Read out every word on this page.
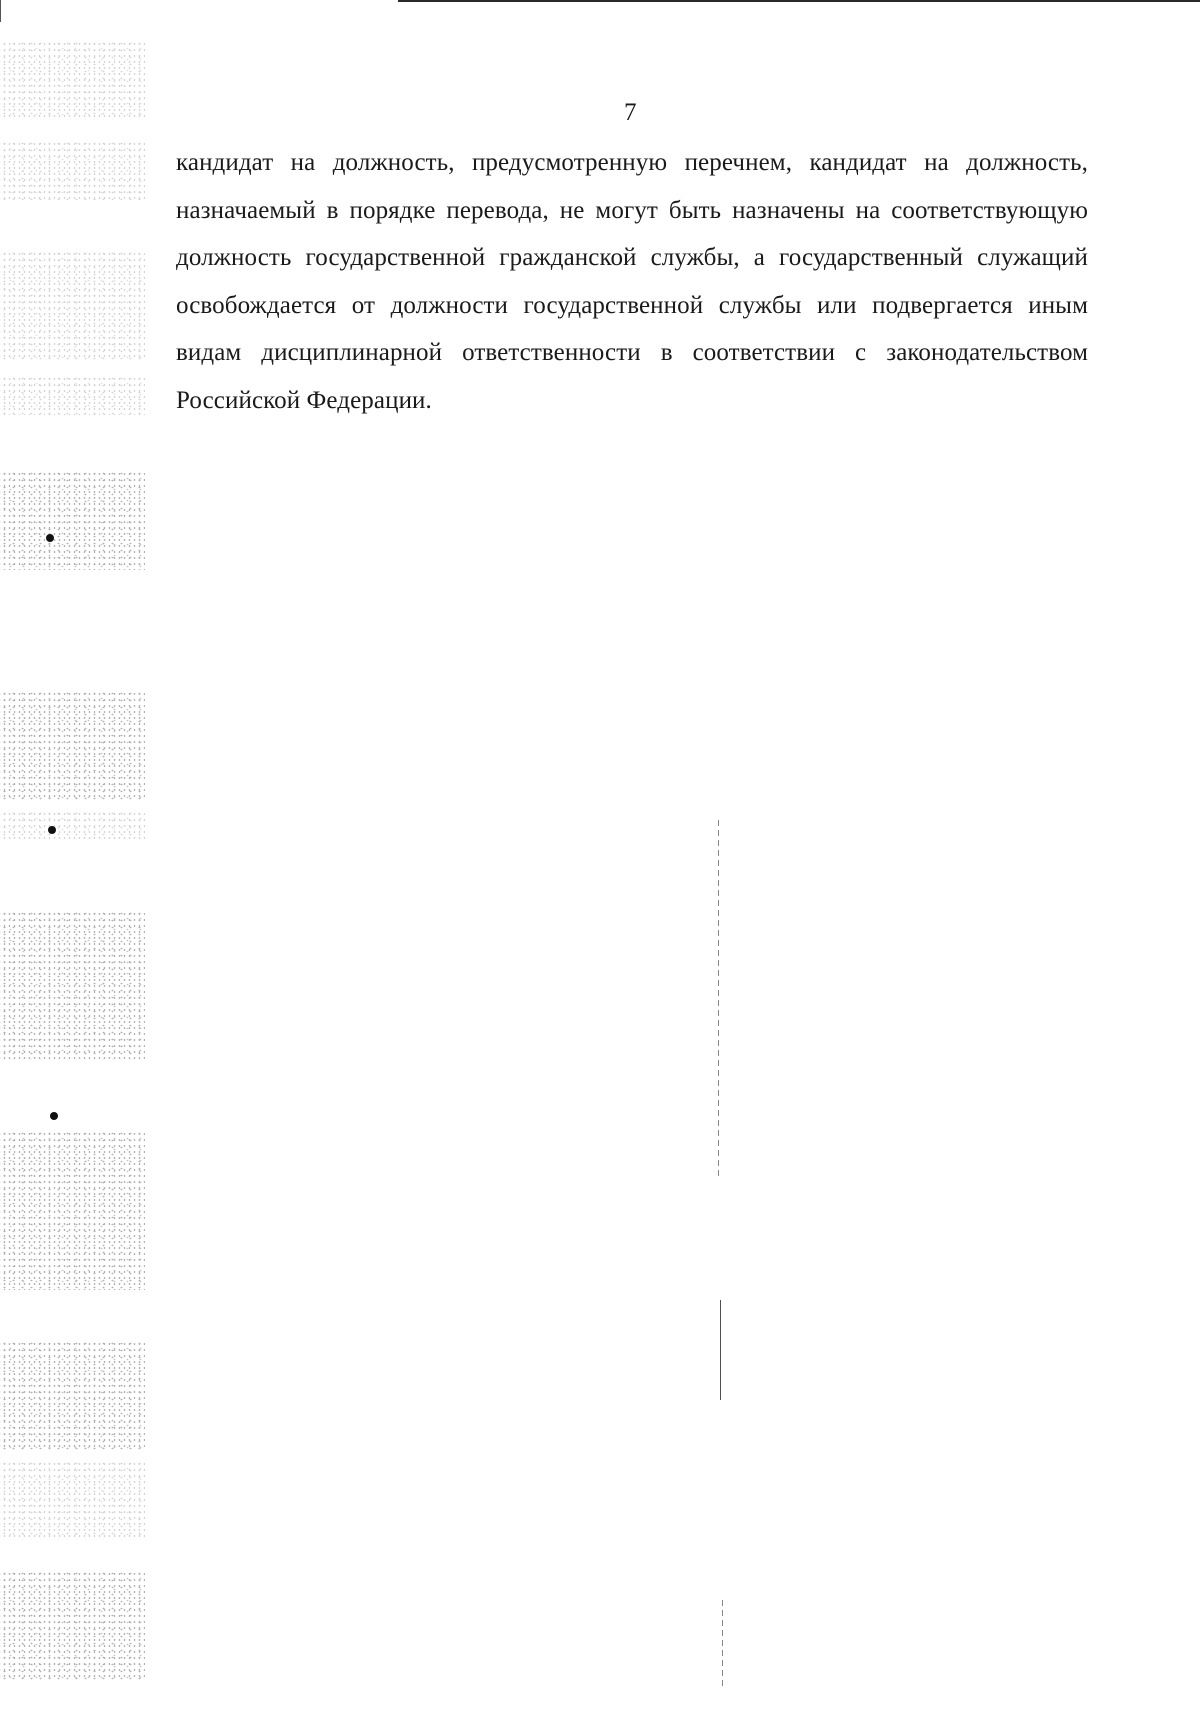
7

кандидат на должность, предусмотренную перечнем, кандидат на должность, назначаемый в порядке перевода, не могут быть назначены на соответствующую должность государственной гражданской службы, а государственный служащий освобождается от должности государственной службы или подвергается иным видам дисциплинарной ответственности в соответствии с законодательством Российской Федерации.
